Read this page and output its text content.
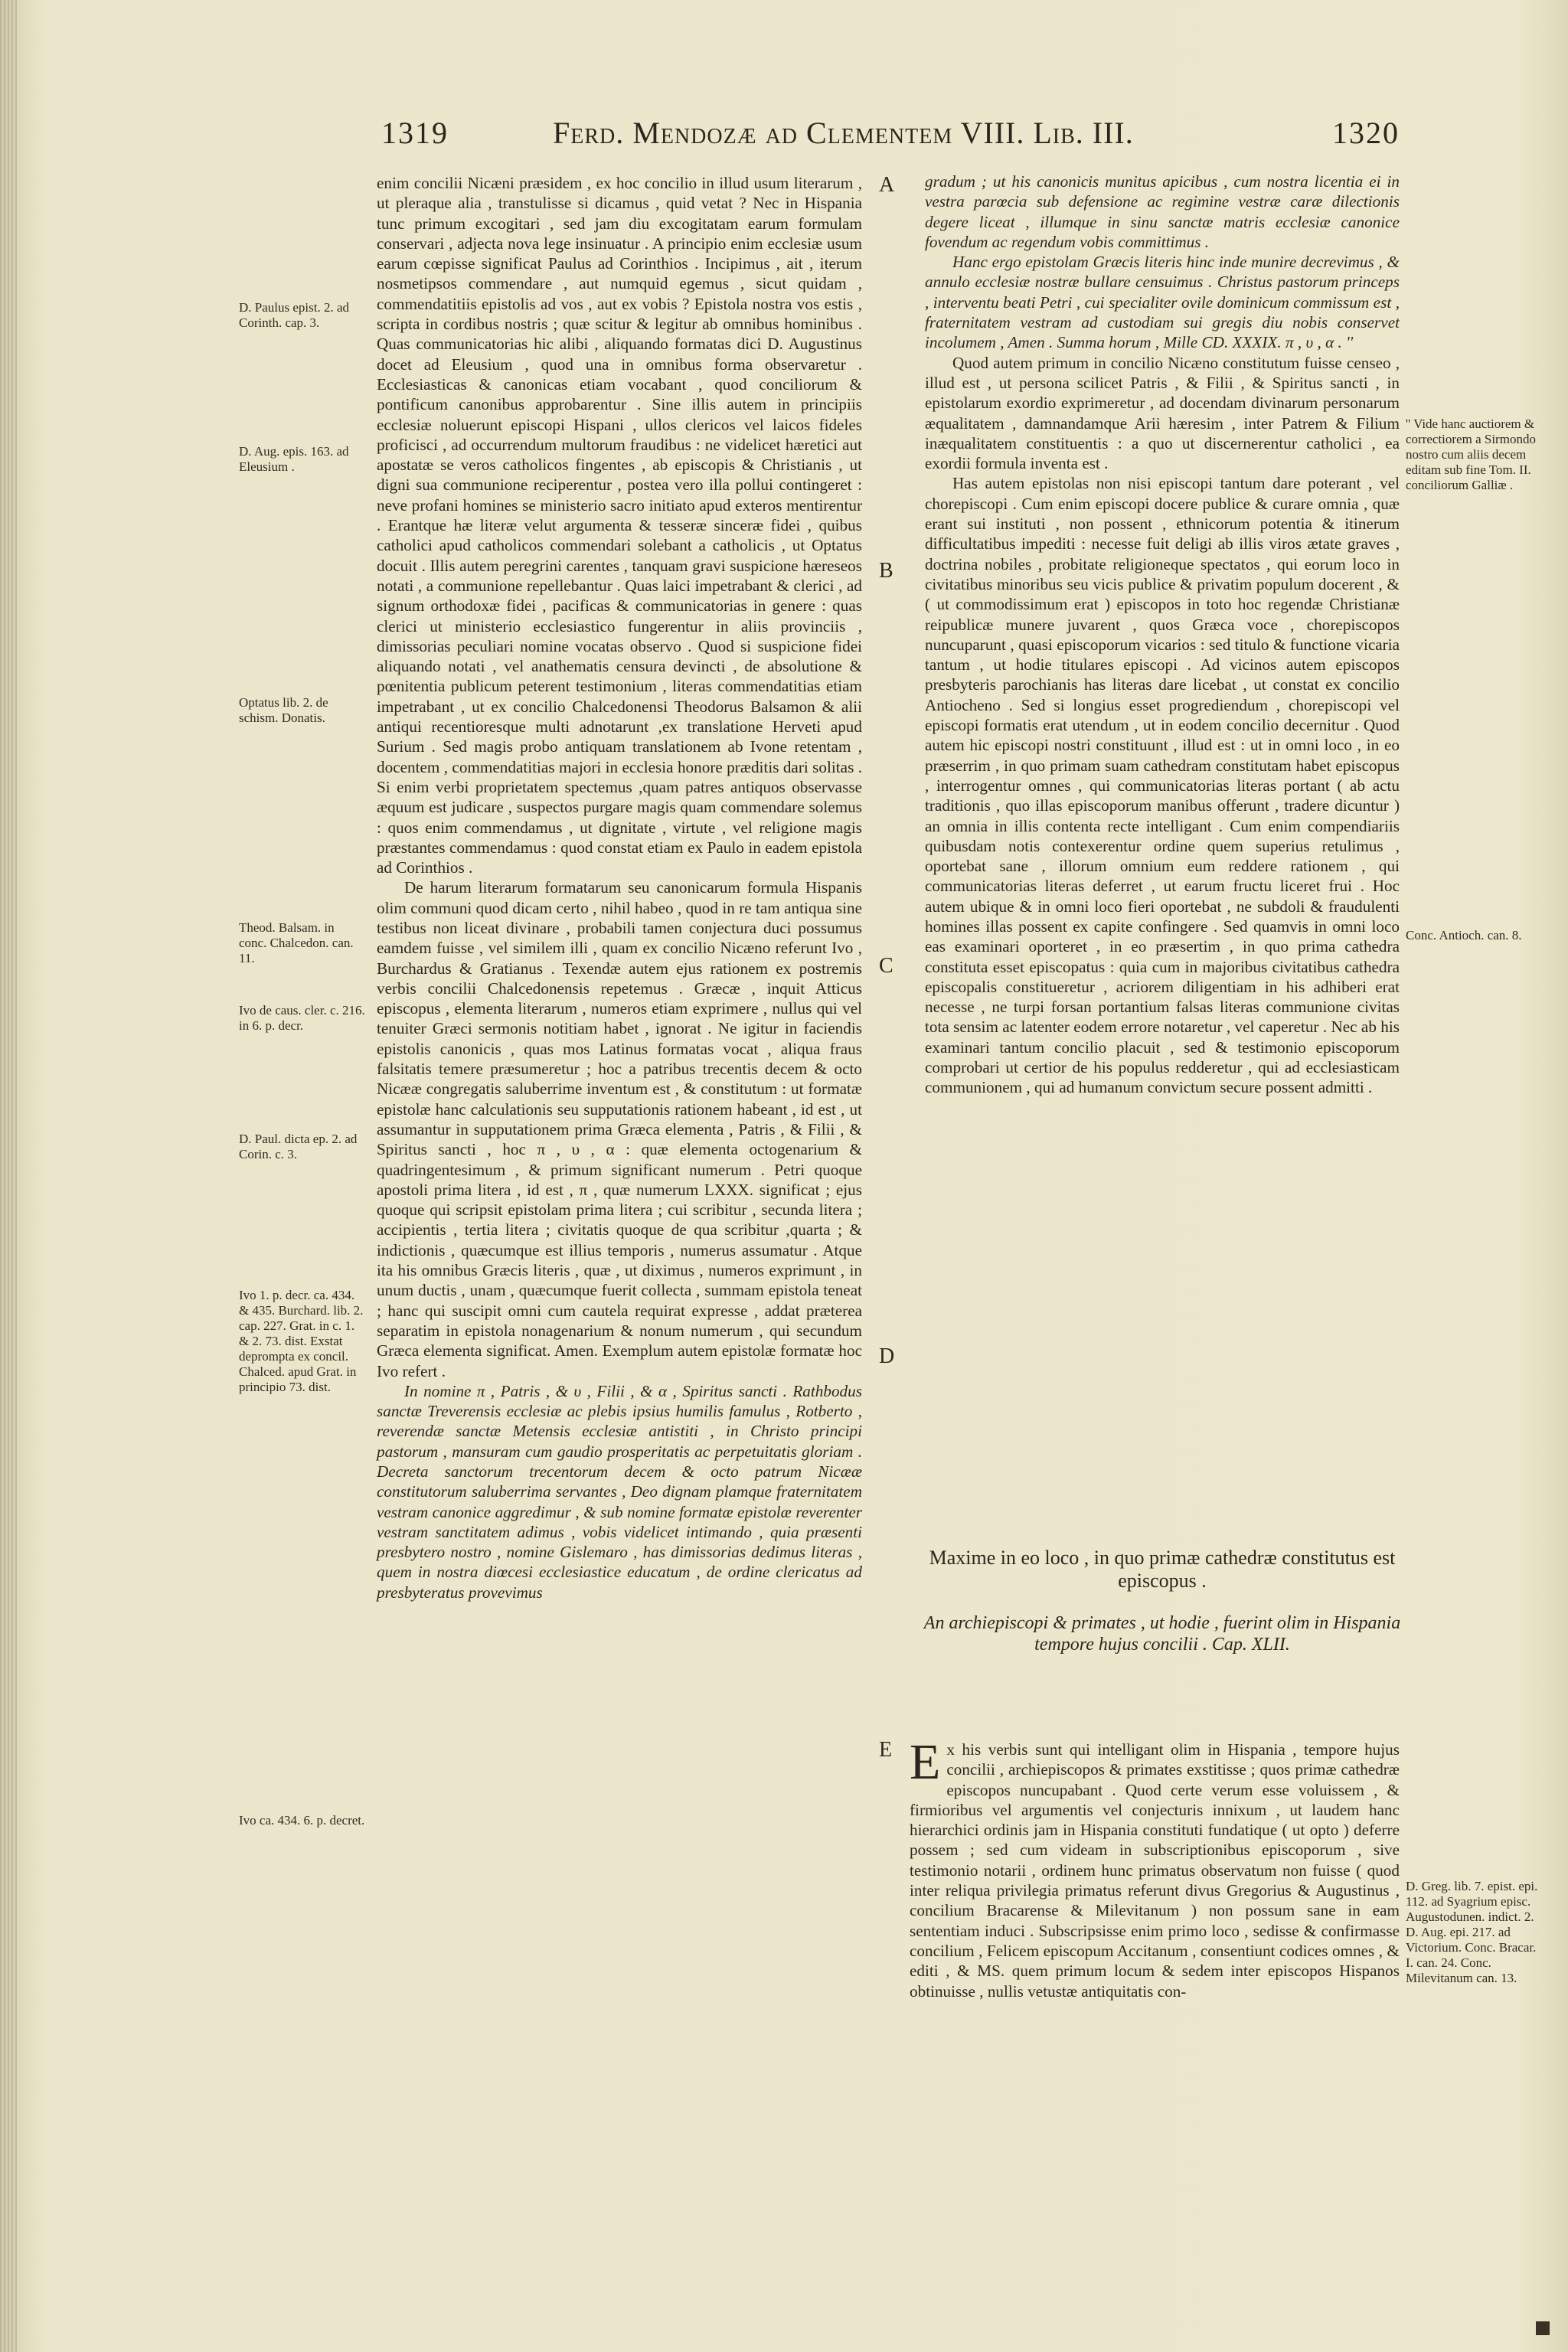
1319	Ferd. Mendozæ ad Clementem VIII. Lib. III.	1320
A
B
C
D
E

enim concilii Nicæni præsidem , ex hoc concilio in illud usum literarum , ut pleraque alia , transtulisse si dicamus , quid vetat ? Nec in Hispania tunc primum excogitari , sed jam diu excogitatam earum formulam conservari , adjecta nova lege insinuatur . A principio enim ecclesiæ usum earum cœpisse significat Paulus ad Corinthios . Incipimus , ait , iterum nosmetipsos commendare , aut numquid egemus , sicut quidam , commendatitiis epistolis ad vos , aut ex vobis ? Epistola nostra vos estis , scripta in cordibus nostris ; quæ scitur & legitur ab omnibus hominibus . Quas communicatorias hic alibi , aliquando formatas dici D. Augustinus docet ad Eleusium , quod una in omnibus forma observaretur . Ecclesiasticas & canonicas etiam vocabant , quod conciliorum & pontificum canonibus approbarentur . Sine illis autem in principiis ecclesiæ noluerunt episcopi Hispani , ullos clericos vel laicos fideles proficisci , ad occurrendum multorum fraudibus : ne videlicet hæretici aut apostatæ se veros catholicos fingentes , ab episcopis & Christianis , ut digni sua communione reciperentur , postea vero illa pollui contingeret : neve profani homines se ministerio sacro initiato apud exteros mentirentur . Erantque hæ literæ velut argumenta & tesseræ sinceræ fidei , quibus catholici apud catholicos commendari solebant a catholicis , ut Optatus docuit . Illis autem peregrini carentes , tanquam gravi suspicione hæreseos notati , a communione repellebantur . Quas laici impetrabant & clerici , ad signum orthodoxæ fidei , pacificas & communicatorias in genere : quas clerici ut ministerio ecclesiastico fungerentur in aliis provinciis , dimissorias peculiari nomine vocatas observo . Quod si suspicione fidei aliquando notati , vel anathematis censura devincti , de absolutione & pœnitentia publicum peterent testimonium , literas commendatitias etiam impetrabant , ut ex concilio Chalcedonensi Theodorus Balsamon & alii antiqui recentioresque multi adnotarunt ,ex translatione Herveti apud Surium . Sed magis probo antiquam translationem ab Ivone retentam , docentem , commendatitias majori in ecclesia honore præditis dari solitas . Si enim verbi proprietatem spectemus ,quam patres antiquos observasse æquum est judicare , suspectos purgare magis quam commendare solemus : quos enim commendamus , ut dignitate , virtute , vel religione magis præstantes commendamus : quod constat etiam ex Paulo in eadem epistola ad Corinthios .

De harum literarum formatarum seu canonicarum formula Hispanis olim communi quod dicam certo , nihil habeo , quod in re tam antiqua sine testibus non liceat divinare , probabili tamen conjectura duci possumus eamdem fuisse , vel similem illi , quam ex concilio Nicæno referunt Ivo , Burchardus & Gratianus . Texendæ autem ejus rationem ex postremis verbis concilii Chalcedonensis repetemus . Græcæ , inquit Atticus episcopus , elementa literarum , numeros etiam exprimere , nullus qui vel tenuiter Græci sermonis notitiam habet , ignorat . Ne igitur in faciendis epistolis canonicis , quas mos Latinus formatas vocat , aliqua fraus falsitatis temere præsumeretur ; hoc a patribus trecentis decem & octo Nicææ congregatis saluberrime inventum est , & constitutum : ut formatæ epistolæ hanc calculationis seu supputationis rationem habeant , id est , ut assumantur in supputationem prima Græca elementa , Patris , & Filii , & Spiritus sancti , hoc π , υ , α : quæ elementa octogenarium & quadringentesimum , & primum significant numerum . Petri quoque apostoli prima litera , id est , π , quæ numerum LXXX. significat ; ejus quoque qui scripsit epistolam prima litera ; cui scribitur , secunda litera ; accipientis , tertia litera ; civitatis quoque de qua scribitur ,quarta ; & indictionis , quæcumque est illius temporis , numerus assumatur . Atque ita his omnibus Græcis literis , quæ , ut diximus , numeros exprimunt , in unum ductis , unam , quæcumque fuerit collecta , summam epistola teneat ; hanc qui suscipit omni cum cautela requirat expresse , addat præterea separatim in epistola nonagenarium & nonum numerum , qui secundum Græca elementa significat. Amen. Exemplum autem epistolæ formatæ hoc Ivo refert .

In nomine π , Patris , & υ , Filii , & α , Spiritus sancti . Rathbodus sanctæ Treverensis ecclesiæ ac plebis ipsius humilis famulus , Rotberto , reverendæ sanctæ Metensis ecclesiæ antistiti , in Christo principi pastorum , mansuram cum gaudio prosperitatis ac perpetuitatis gloriam . Decreta sanctorum trecentorum decem & octo patrum Nicææ constitutorum saluberrima servantes , Deo dignam plamque fraternitatem vestram canonice aggredimur , & sub nomine formatæ epistolæ reverenter vestram sanctitatem adimus , vobis videlicet intimando , quia præsenti presbytero nostro , nomine Gislemaro , has dimissorias dedimus literas , quem in nostra diœcesi ecclesiastice educatum , de ordine clericatus ad presbyteratus provevimus

gradum ; ut his canonicis munitus apicibus , cum nostra licentia ei in vestra parœcia sub defensione ac regimine vestræ caræ dilectionis degere liceat , illumque in sinu sanctæ matris ecclesiæ canonice fovendum ac regendum vobis committimus .

Hanc ergo epistolam Græcis literis hinc inde munire decrevimus , & annulo ecclesiæ nostræ bullare censuimus . Christus pastorum princeps , interventu beati Petri , cui specialiter ovile dominicum commissum est , fraternitatem vestram ad custodiam sui gregis diu nobis conservet incolumem , Amen . Summa horum , Mille CD. XXXIX. π , υ , α . ''

Quod autem primum in concilio Nicæno constitutum fuisse censeo , illud est , ut persona scilicet Patris , & Filii , & Spiritus sancti , in epistolarum exordio exprimeretur , ad docendam divinarum personarum æqualitatem , damnandamque Arii hæresim , inter Patrem & Filium inæqualitatem constituentis : a quo ut discernerentur catholici , ea exordii formula inventa est .

Has autem epistolas non nisi episcopi tantum dare poterant , vel chorepiscopi . Cum enim episcopi docere publice & curare omnia , quæ erant sui instituti , non possent , ethnicorum potentia & itinerum difficultatibus impediti : necesse fuit deligi ab illis viros ætate graves , doctrina nobiles , probitate religioneque spectatos , qui eorum loco in civitatibus minoribus seu vicis publice & privatim populum docerent , & ( ut commodissimum erat ) episcopos in toto hoc regendæ Christianæ reipublicæ munere juvarent , quos Græca voce , chorepiscopos nuncuparunt , quasi episcoporum vicarios : sed titulo & functione vicaria tantum , ut hodie titulares episcopi . Ad vicinos autem episcopos presbyteris parochianis has literas dare licebat , ut constat ex concilio Antiocheno . Sed si longius esset progrediendum , chorepiscopi vel episcopi formatis erat utendum , ut in eodem concilio decernitur . Quod autem hic episcopi nostri constituunt , illud est : ut in omni loco , in eo præserrim , in quo primam suam cathedram constitutam habet episcopus , interrogentur omnes , qui communicatorias literas portant ( ab actu traditionis , quo illas episcoporum manibus offerunt , tradere dicuntur ) an omnia in illis contenta recte intelligant . Cum enim compendiariis quibusdam notis contexerentur ordine quem superius retulimus , oportebat sane , illorum omnium eum reddere rationem , qui communicatorias literas deferret , ut earum fructu liceret frui . Hoc autem ubique & in omni loco fieri oportebat , ne subdoli & fraudulenti homines illas possent ex capite confingere . Sed quamvis in omni loco eas examinari oporteret , in eo præsertim , in quo prima cathedra constituta esset episcopatus : quia cum in majoribus civitatibus cathedra episcopalis constitueretur , acriorem diligentiam in his adhiberi erat necesse , ne turpi forsan portantium falsas literas communione civitas tota sensim ac latenter eodem errore notaretur , vel caperetur . Nec ab his examinari tantum concilio placuit , sed & testimonio episcoporum comprobari ut certior de his populus redderetur , qui ad ecclesiasticam communionem , qui ad humanum convictum secure possent admitti .

Maxime in eo loco , in quo primæ cathedræ constitutus est episcopus .
An archiepiscopi & primates , ut hodie , fuerint olim in Hispania tempore hujus concilii . Cap. XLII.
E x his verbis sunt qui intelligant olim in Hispania , tempore hujus concilii , archiepiscopos & primates exstitisse ; quos primæ cathedræ episcopos nuncupabant . Quod certe verum esse voluissem , & firmioribus vel argumentis vel conjecturis innixum , ut laudem hanc hierarchici ordinis jam in Hispania constituti fundatique ( ut opto ) deferre possem ; sed cum videam in subscriptionibus episcoporum , sive testimonio notarii , ordinem hunc primatus observatum non fuisse ( quod inter reliqua privilegia primatus referunt divus Gregorius & Augustinus , concilium Bracarense & Milevitanum ) non possum sane in eam sententiam induci . Subscripsisse enim primo loco , sedisse & confirmasse concilium , Felicem episcopum Accitanum , consentiunt codices omnes , & editi , & MS. quem primum locum & sedem inter episcopos Hispanos obtinuisse , nullis vetustæ antiquitatis con-
D. Paulus epist. 2. ad Corinth. cap. 3.
D. Aug. epis. 163. ad Eleusium .
Optatus lib. 2. de schism. Donatis.
Theod. Balsam. in conc. Chalcedon. can. 11.
Ivo de caus. cler. c. 216. in 6. p. decr.
D. Paul. dicta ep. 2. ad Corin. c. 3.
Ivo 1. p. decr. ca. 434. & 435. Burchard. lib. 2. cap. 227. Grat. in c. 1. & 2. 73. dist. Exstat deprompta ex concil. Chalced. apud Grat. in principio 73. dist.
Ivo ca. 434. 6. p. decret.
'' Vide hanc auctiorem & correctiorem a Sirmondo nostro cum aliis decem editam sub fine Tom. II. conciliorum Galliæ .
Conc. Antioch. can. 8.
D. Greg. lib. 7. epist. epi. 112. ad Syagrium episc. Augustodunen. indict. 2. D. Aug. epi. 217. ad Victorium. Conc. Bracar. I. can. 24. Conc. Milevitanum can. 13.
